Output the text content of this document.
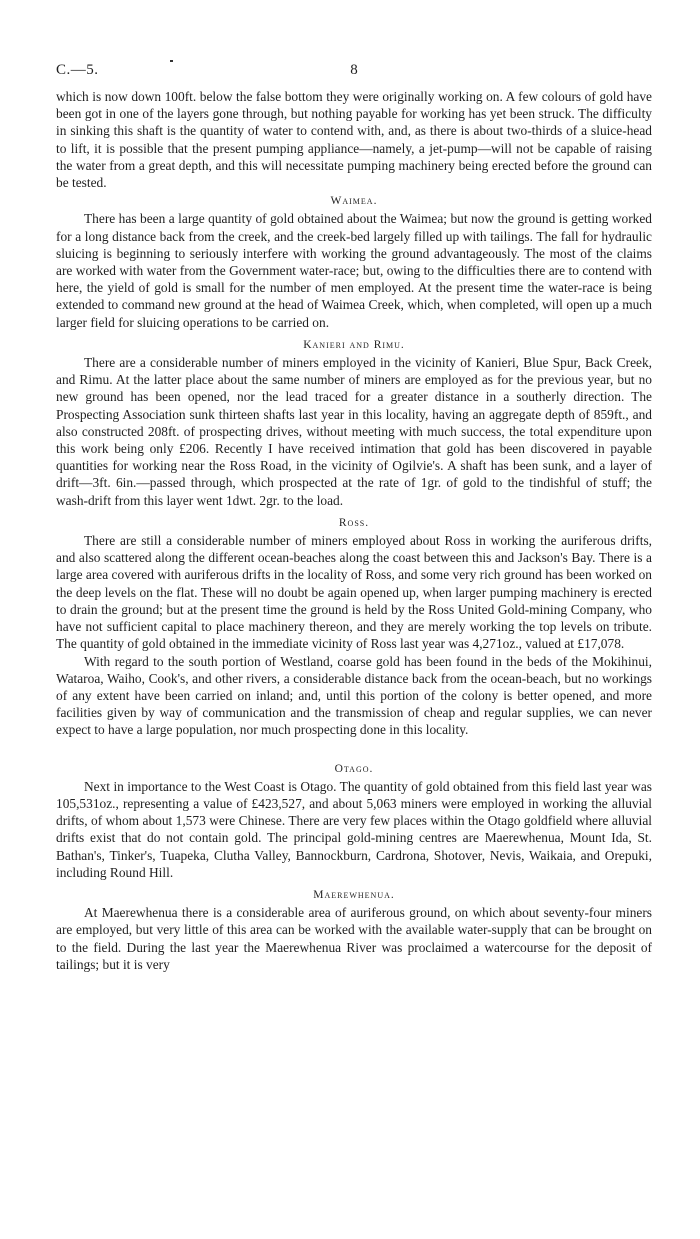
C.—5.	8

which is now down 100ft. below the false bottom they were originally working on. A few colours of gold have been got in one of the layers gone through, but nothing payable for working has yet been struck. The difficulty in sinking this shaft is the quantity of water to contend with, and, as there is about two-thirds of a sluice-head to lift, it is possible that the present pumping appliance—namely, a jet-pump—will not be capable of raising the water from a great depth, and this will necessitate pumping machinery being erected before the ground can be tested.

Waimea.

There has been a large quantity of gold obtained about the Waimea; but now the ground is getting worked for a long distance back from the creek, and the creek-bed largely filled up with tailings. The fall for hydraulic sluicing is beginning to seriously interfere with working the ground advantageously. The most of the claims are worked with water from the Government water-race; but, owing to the difficulties there are to contend with here, the yield of gold is small for the number of men employed. At the present time the water-race is being extended to command new ground at the head of Waimea Creek, which, when completed, will open up a much larger field for sluicing operations to be carried on.

Kanieri and Rimu.

There are a considerable number of miners employed in the vicinity of Kanieri, Blue Spur, Back Creek, and Rimu. At the latter place about the same number of miners are employed as for the previous year, but no new ground has been opened, nor the lead traced for a greater distance in a southerly direction. The Prospecting Association sunk thirteen shafts last year in this locality, having an aggregate depth of 859ft., and also constructed 208ft. of prospecting drives, without meeting with much success, the total expenditure upon this work being only £206. Recently I have received intimation that gold has been discovered in payable quantities for working near the Ross Road, in the vicinity of Ogilvie's. A shaft has been sunk, and a layer of drift—3ft. 6in.—passed through, which prospected at the rate of 1gr. of gold to the tindishful of stuff; the wash-drift from this layer went 1dwt. 2gr. to the load.

Ross.

There are still a considerable number of miners employed about Ross in working the auriferous drifts, and also scattered along the different ocean-beaches along the coast between this and Jackson's Bay. There is a large area covered with auriferous drifts in the locality of Ross, and some very rich ground has been worked on the deep levels on the flat. These will no doubt be again opened up, when larger pumping machinery is erected to drain the ground; but at the present time the ground is held by the Ross United Gold-mining Company, who have not sufficient capital to place machinery thereon, and they are merely working the top levels on tribute. The quantity of gold obtained in the immediate vicinity of Ross last year was 4,271oz., valued at £17,078.

With regard to the south portion of Westland, coarse gold has been found in the beds of the Mokihinui, Wataroa, Waiho, Cook's, and other rivers, a considerable distance back from the ocean-beach, but no workings of any extent have been carried on inland; and, until this portion of the colony is better opened, and more facilities given by way of communication and the transmission of cheap and regular supplies, we can never expect to have a large population, nor much prospecting done in this locality.

Otago.

Next in importance to the West Coast is Otago. The quantity of gold obtained from this field last year was 105,531oz., representing a value of £423,527, and about 5,063 miners were employed in working the alluvial drifts, of whom about 1,573 were Chinese. There are very few places within the Otago goldfield where alluvial drifts exist that do not contain gold. The principal gold-mining centres are Maerewhenua, Mount Ida, St. Bathan's, Tinker's, Tuapeka, Clutha Valley, Bannockburn, Cardrona, Shotover, Nevis, Waikaia, and Orepuki, including Round Hill.

Maerewhenua.

At Maerewhenua there is a considerable area of auriferous ground, on which about seventy-four miners are employed, but very little of this area can be worked with the available water-supply that can be brought on to the field. During the last year the Maerewhenua River was proclaimed a watercourse for the deposit of tailings; but it is very
